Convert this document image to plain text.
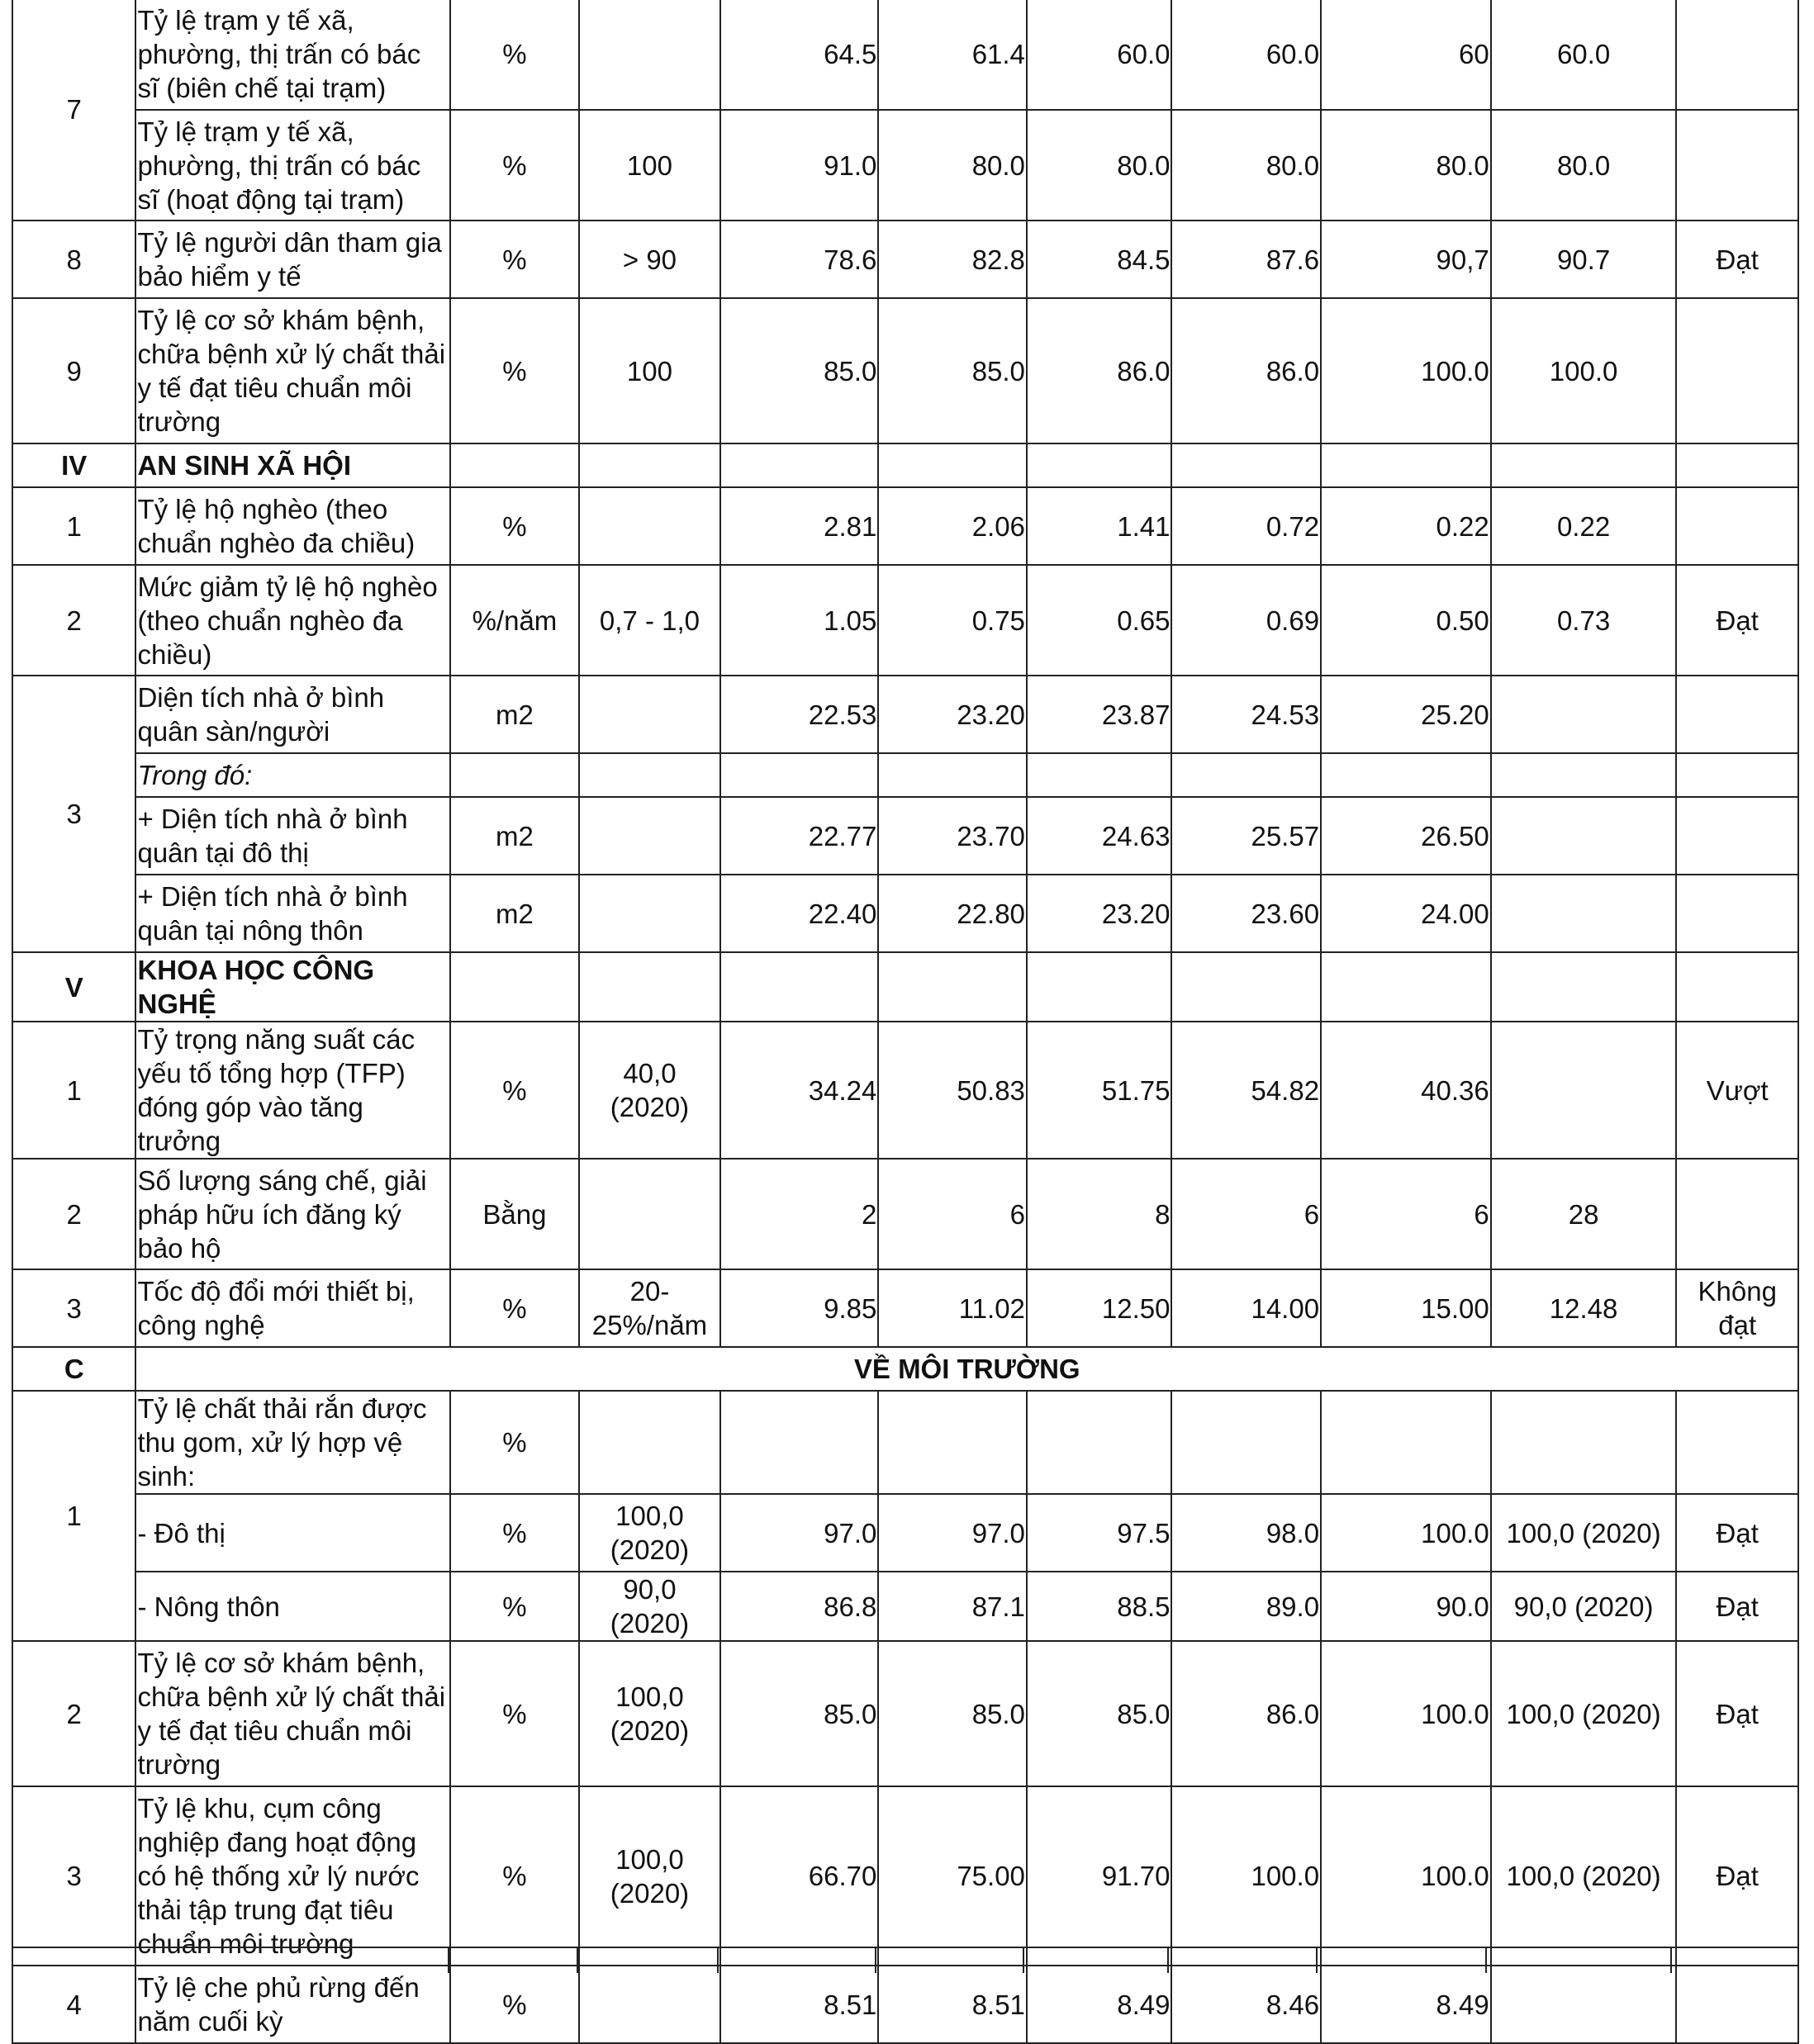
7	Tỷ lệ trạm y tế xã, phường, thị trấn có bác sĩ (biên chế tại trạm)	%		64.5	61.4	60.0	60.0	60	60.0	
	Tỷ lệ trạm y tế xã, phường, thị trấn có bác sĩ (hoạt động tại trạm)	%	100	91.0	80.0	80.0	80.0	80.0	80.0	
8	Tỷ lệ người dân tham gia bảo hiểm y tế	%	> 90	78.6	82.8	84.5	87.6	90,7	90.7	Đạt
9	Tỷ lệ cơ sở khám bệnh, chữa bệnh xử lý chất thải y tế đạt tiêu chuẩn môi trường	%	100	85.0	85.0	86.0	86.0	100.0	100.0	
IV	AN SINH XÃ HỘI									
1	Tỷ lệ hộ nghèo (theo chuẩn nghèo đa chiều)	%		2.81	2.06	1.41	0.72	0.22	0.22	
2	Mức giảm tỷ lệ hộ nghèo (theo chuẩn nghèo đa chiều)	%/năm	0,7 - 1,0	1.05	0.75	0.65	0.69	0.50	0.73	Đạt
3	Diện tích nhà ở bình quân sàn/người	m2		22.53	23.20	23.87	24.53	25.20		
	Trong đó:									
	+ Diện tích nhà ở bình quân tại đô thị	m2		22.77	23.70	24.63	25.57	26.50		
	+ Diện tích nhà ở bình quân tại nông thôn	m2		22.40	22.80	23.20	23.60	24.00		
V	KHOA HỌC CÔNG NGHỆ									
1	Tỷ trọng năng suất các yếu tố tổng hợp (TFP) đóng góp vào tăng trưởng	%	40,0 (2020)	34.24	50.83	51.75	54.82	40.36		Vượt
2	Số lượng sáng chế, giải pháp hữu ích đăng ký bảo hộ	Bằng		2	6	8	6	6	28	
3	Tốc độ đổi mới thiết bị, công nghệ	%	20-25%/năm	9.85	11.02	12.50	14.00	15.00	12.48	Không đạt
C	VỀ MÔI TRƯỜNG									
1	Tỷ lệ chất thải rắn được thu gom, xử lý hợp vệ sinh:	%								
	- Đô thị	%	100,0 (2020)	97.0	97.0	97.5	98.0	100.0	100,0 (2020)	Đạt
	- Nông thôn	%	90,0 (2020)	86.8	87.1	88.5	89.0	90.0	90,0 (2020)	Đạt
2	Tỷ lệ cơ sở khám bệnh, chữa bệnh xử lý chất thải y tế đạt tiêu chuẩn môi trường	%	100,0 (2020)	85.0	85.0	85.0	86.0	100.0	100,0 (2020)	Đạt
3	Tỷ lệ khu, cụm công nghiệp đang hoạt động có hệ thống xử lý nước thải tập trung đạt tiêu chuẩn môi trường	%	100,0 (2020)	66.70	75.00	91.70	100.0	100.0	100,0 (2020)	Đạt
4	Tỷ lệ che phủ rừng đến năm cuối kỳ	%		8.51	8.51	8.49	8.46	8.49		
